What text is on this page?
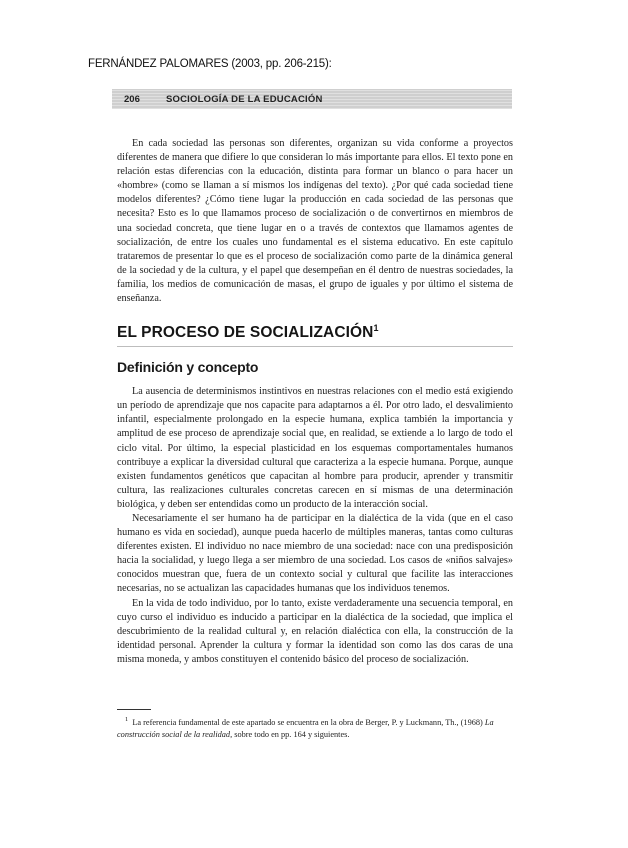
FERNÁNDEZ PALOMARES (2003, pp. 206-215):
206	SOCIOLOGÍA DE LA EDUCACIÓN

En cada sociedad las personas son diferentes, organizan su vida conforme a proyectos diferentes de manera que difiere lo que consideran lo más importante para ellos. El texto pone en relación estas diferencias con la educación, distinta para formar un blanco o para hacer un «hombre» (como se llaman a sí mismos los indígenas del texto). ¿Por qué cada sociedad tiene modelos diferentes? ¿Cómo tiene lugar la producción en cada sociedad de las personas que necesita? Esto es lo que llamamos proceso de socialización o de convertirnos en miembros de una sociedad concreta, que tiene lugar en o a través de contextos que llamamos agentes de socialización, de entre los cuales uno fundamental es el sistema educativo. En este capítulo trataremos de presentar lo que es el proceso de socialización como parte de la dinámica general de la sociedad y de la cultura, y el papel que desempeñan en él dentro de nuestras sociedades, la familia, los medios de comunicación de masas, el grupo de iguales y por último el sistema de enseñanza.

EL PROCESO DE SOCIALIZACIÓN$^1$
Definición y concepto

La ausencia de determinismos instintivos en nuestras relaciones con el medio está exigiendo un período de aprendizaje que nos capacite para adaptarnos a él. Por otro lado, el desvalimiento infantil, especialmente prolongado en la especie humana, explica también la importancia y amplitud de ese proceso de aprendizaje social que, en realidad, se extiende a lo largo de todo el ciclo vital. Por último, la especial plasticidad en los esquemas comportamentales humanos contribuye a explicar la diversidad cultural que caracteriza a la especie humana. Porque, aunque existen fundamentos genéticos que capacitan al hombre para producir, aprender y transmitir cultura, las realizaciones culturales concretas carecen en sí mismas de una determinación biológica, y deben ser entendidas como un producto de la interacción social.

Necesariamente el ser humano ha de participar en la dialéctica de la vida (que en el caso humano es vida en sociedad), aunque pueda hacerlo de múltiples maneras, tantas como culturas diferentes existen. El individuo no nace miembro de una sociedad: nace con una predisposición hacia la socialidad, y luego llega a ser miembro de una sociedad. Los casos de «niños salvajes» conocidos muestran que, fuera de un contexto social y cultural que facilite las interacciones necesarias, no se actualizan las capacidades humanas que los individuos tenemos.

En la vida de todo individuo, por lo tanto, existe verdaderamente una secuencia temporal, en cuyo curso el individuo es inducido a participar en la dialéctica de la sociedad, que implica el descubrimiento de la realidad cultural y, en relación dialéctica con ella, la construcción de la identidad personal. Aprender la cultura y formar la identidad son como las dos caras de una misma moneda, y ambos constituyen el contenido básico del proceso de socialización.

$^1$ La referencia fundamental de este apartado se encuentra en la obra de Berger, P. y Luckmann, Th., (1968) La construcción social de la realidad, sobre todo en pp. 164 y siguientes.
